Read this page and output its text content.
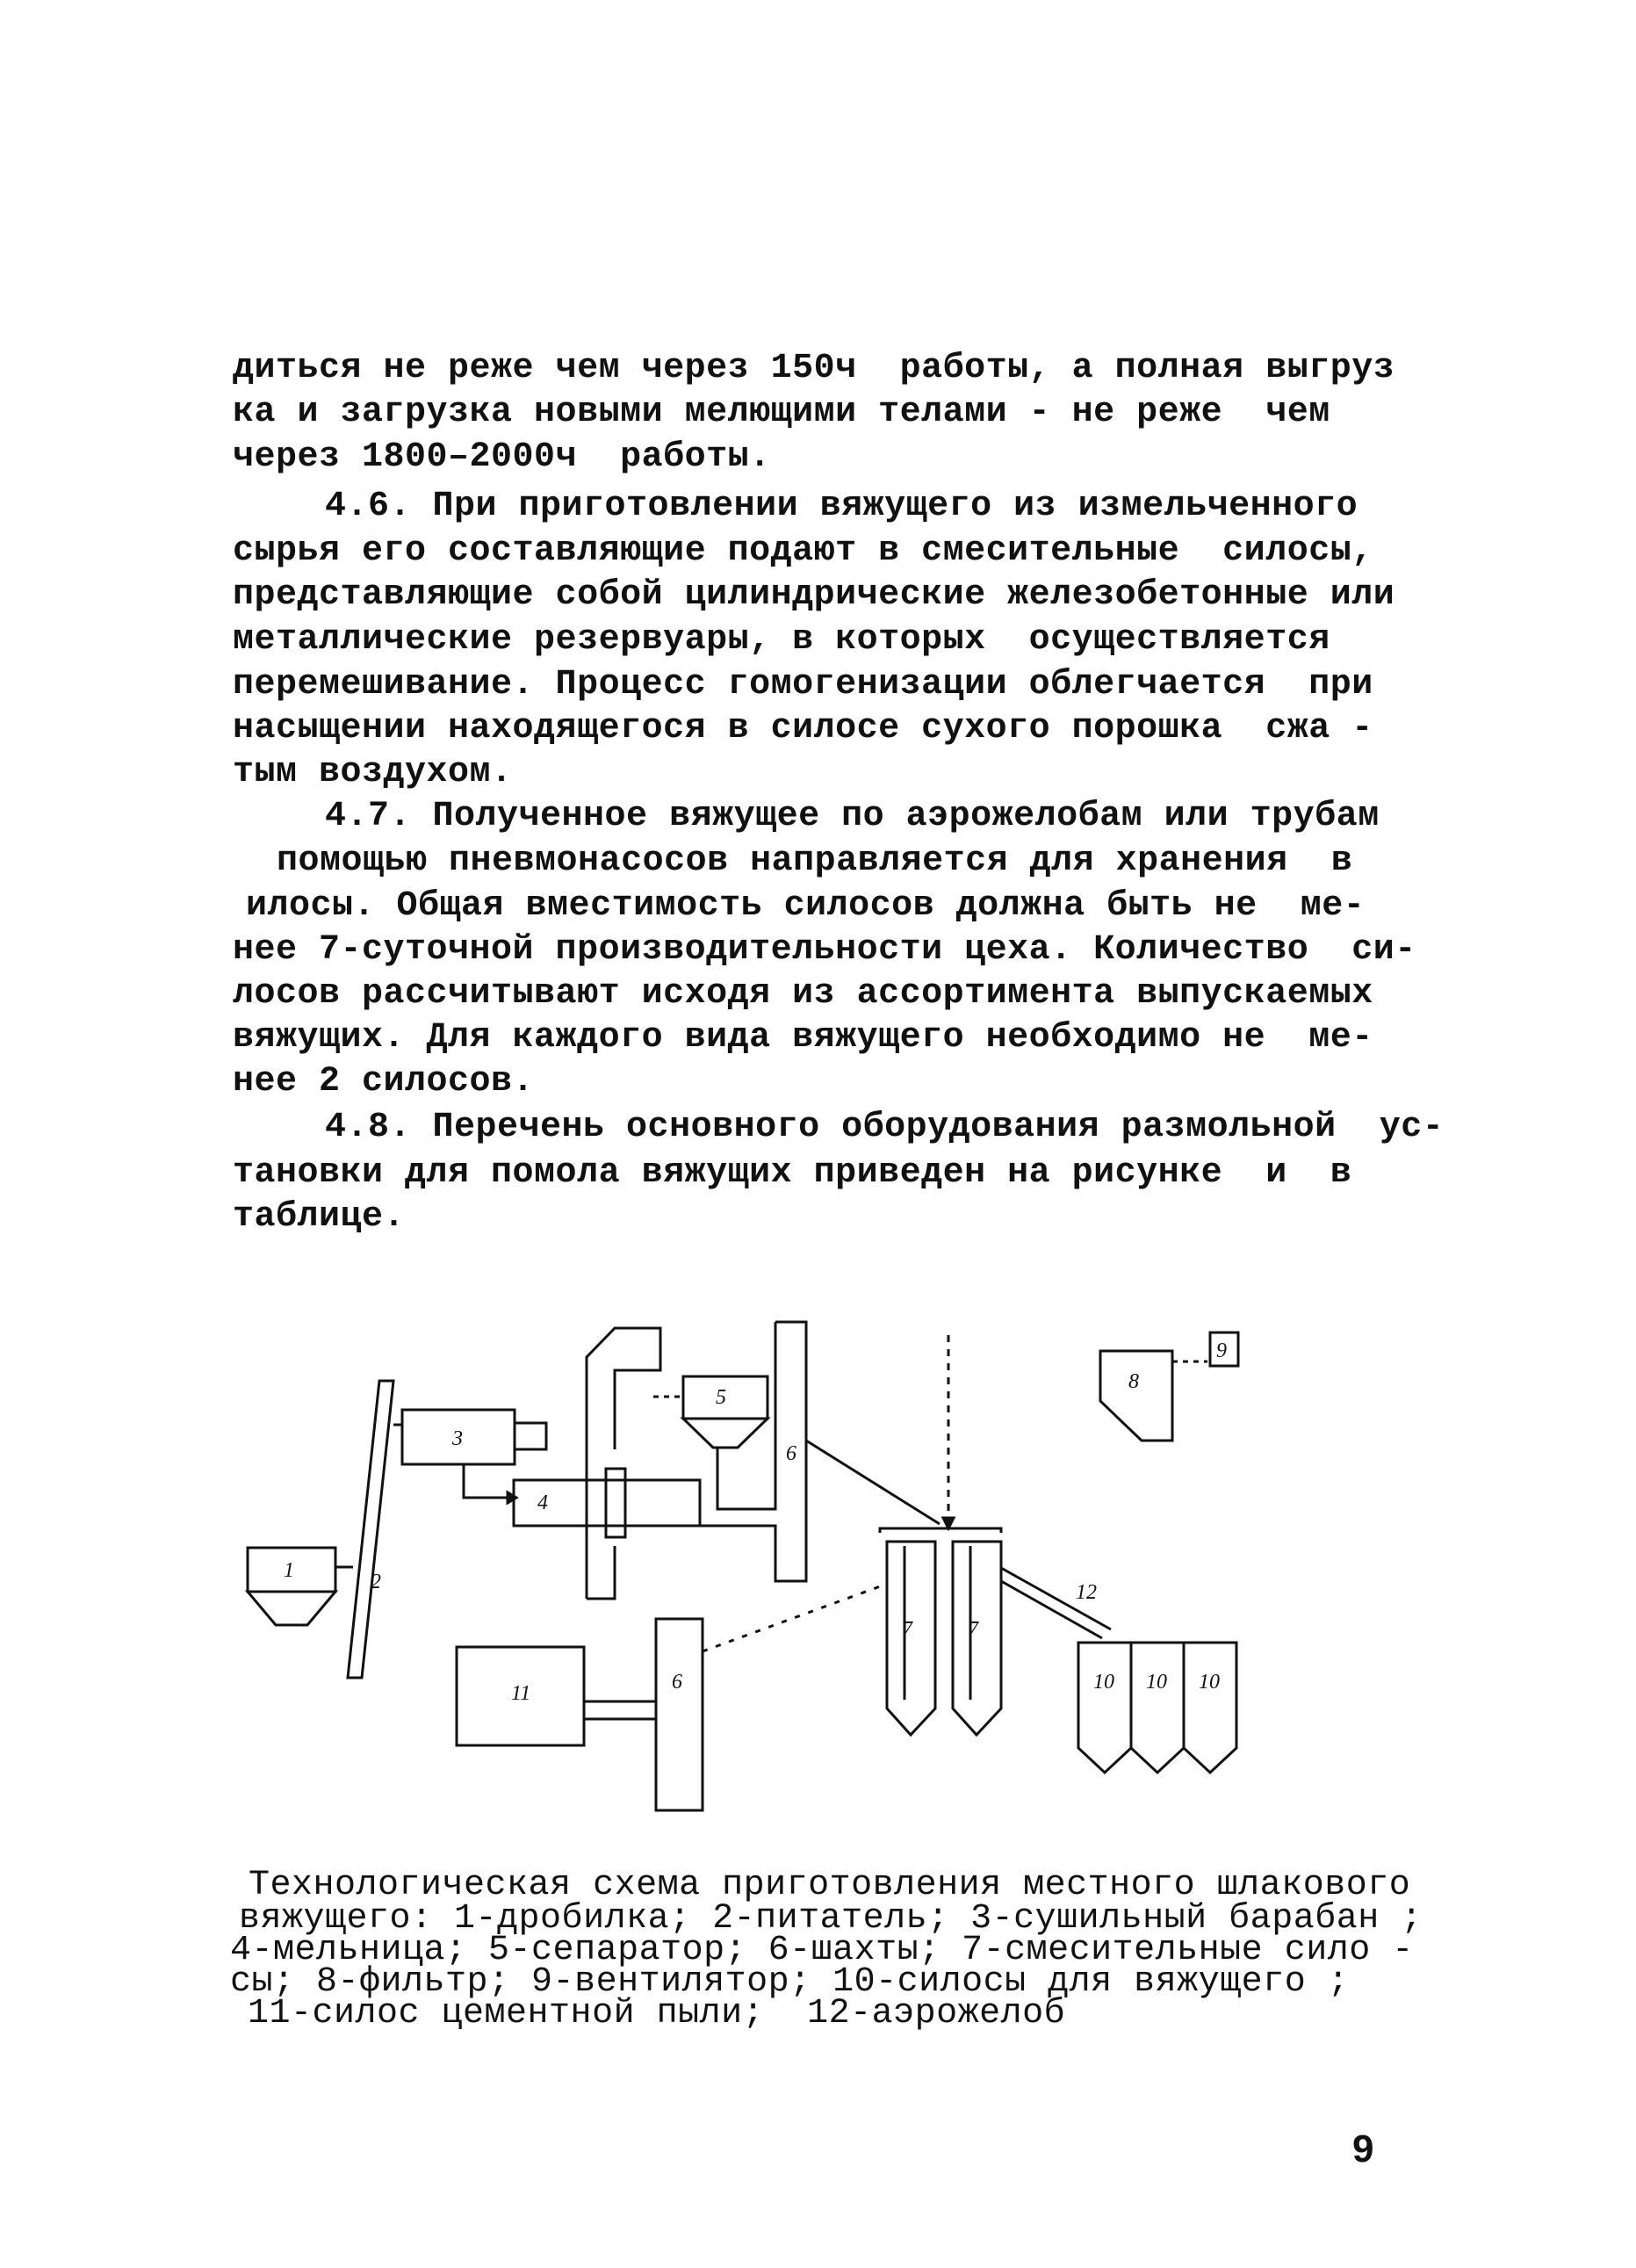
диться не реже чем через 150ч  работы, а полная выгруз
ка и загрузка новыми мелющими телами - не реже  чем
через 1800–2000ч  работы.
4.6. При приготовлении вяжущего из измельченного
сырья его составляющие подают в смесительные  силосы,
представляющие собой цилиндрические железобетонные или
металлические резервуары, в которых  осуществляется
перемешивание. Процесс гомогенизации облегчается  при
насыщении находящегося в силосе сухого порошка  сжа -
тым воздухом.
4.7. Полученное вяжущее по аэрожелобам или трубам
помощью пневмонасосов направляется для хранения  в
илосы. Общая вместимость силосов должна быть не  ме-
нее 7-суточной производительности цеха. Количество  си-
лосов рассчитывают исходя из ассортимента выпускаемых
вяжущих. Для каждого вида вяжущего необходимо не  ме-
нее 2 силосов.
4.8. Перечень основного оборудования размольной  ус-
тановки для помола вяжущих приведен на рисунке  и  в
таблице.
1	2
3
4
5
6
6
7	7
8
9
10 10 10
11
12
Технологическая схема приготовления местного шлакового
вяжущего: 1-дробилка; 2-питатель; 3-сушильный барабан ;
4-мельница; 5-сепаратор; 6-шахты; 7-смесительные сило -
сы; 8-фильтр; 9-вентилятор; 10-силосы для вяжущего ;
11-силос цементной пыли;  12-аэрожелоб
9
